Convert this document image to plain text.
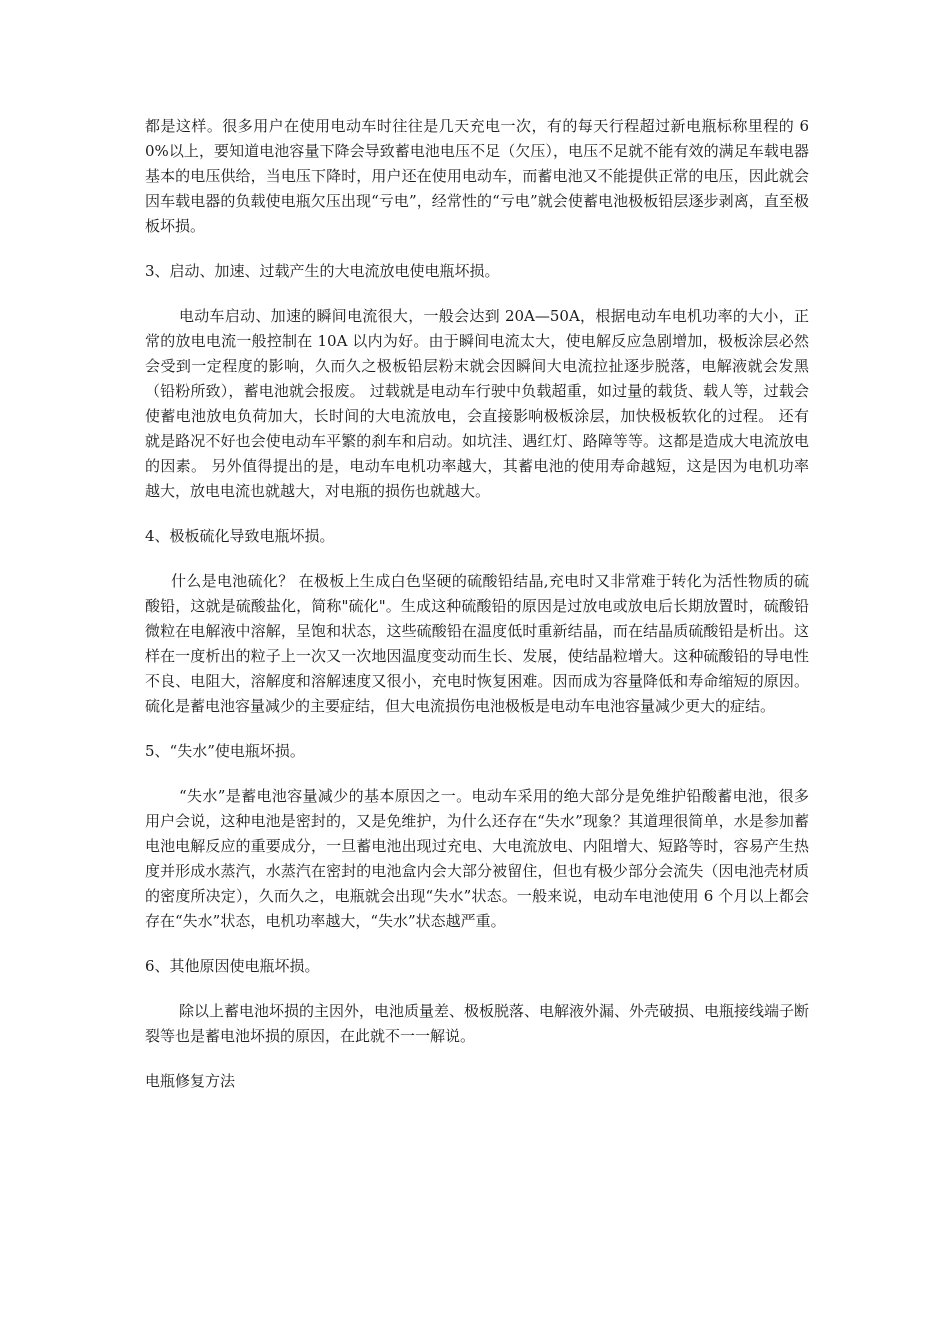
都是这样。很多用户在使用电动车时往往是几天充电一次，有的每天行程超过新电瓶标称里程的 60%以上，要知道电池容量下降会导致蓄电池电压不足（欠压），电压不足就不能有效的满足车载电器基本的电压供给，当电压下降时，用户还在使用电动车，而蓄电池又不能提供正常的电压，因此就会因车载电器的负载使电瓶欠压出现“亏电”，经常性的“亏电”就会使蓄电池极板铅层逐步剥离，直至极板坏损。

3、启动、加速、过载产生的大电流放电使电瓶坏损。

电动车启动、加速的瞬间电流很大，一般会达到 20A—50A，根据电动车电机功率的大小，正常的放电电流一般控制在 10A 以内为好。由于瞬间电流太大，使电解反应急剧增加，极板涂层必然会受到一定程度的影响，久而久之极板铅层粉末就会因瞬间大电流拉扯逐步脱落，电解液就会发黑（铅粉所致），蓄电池就会报废。 过载就是电动车行驶中负载超重，如过量的载货、载人等，过载会使蓄电池放电负荷加大，长时间的大电流放电，会直接影响极板涂层，加快极板软化的过程。 还有就是路况不好也会使电动车平繁的刹车和启动。如坑洼、遇红灯、路障等等。这都是造成大电流放电的因素。 另外值得提出的是，电动车电机功率越大，其蓄电池的使用寿命越短，这是因为电机功率越大，放电电流也就越大，对电瓶的损伤也就越大。

4、极板硫化导致电瓶坏损。

什么是电池硫化？ 在极板上生成白色坚硬的硫酸铅结晶,充电时又非常难于转化为活性物质的硫酸铅，这就是硫酸盐化，简称"硫化"。生成这种硫酸铅的原因是过放电或放电后长期放置时，硫酸铅微粒在电解液中溶解，呈饱和状态，这些硫酸铅在温度低时重新结晶，而在结晶质硫酸铅是析出。这样在一度析出的粒子上一次又一次地因温度变动而生长、发展，使结晶粒增大。这种硫酸铅的导电性不良、电阻大，溶解度和溶解速度又很小，充电时恢复困难。因而成为容量降低和寿命缩短的原因。硫化是蓄电池容量减少的主要症结，但大电流损伤电池极板是电动车电池容量减少更大的症结。

5、“失水”使电瓶坏损。

“失水”是蓄电池容量减少的基本原因之一。电动车采用的绝大部分是免维护铅酸蓄电池，很多用户会说，这种电池是密封的，又是免维护，为什么还存在“失水”现象？其道理很简单，水是参加蓄电池电解反应的重要成分，一旦蓄电池出现过充电、大电流放电、内阻增大、短路等时，容易产生热度并形成水蒸汽，水蒸汽在密封的电池盒内会大部分被留住，但也有极少部分会流失（因电池壳材质的密度所决定），久而久之，电瓶就会出现“失水”状态。一般来说，电动车电池使用 6 个月以上都会存在“失水”状态，电机功率越大，“失水”状态越严重。

6、其他原因使电瓶坏损。

除以上蓄电池坏损的主因外，电池质量差、极板脱落、电解液外漏、外壳破损、电瓶接线端子断裂等也是蓄电池坏损的原因，在此就不一一解说。

电瓶修复方法
